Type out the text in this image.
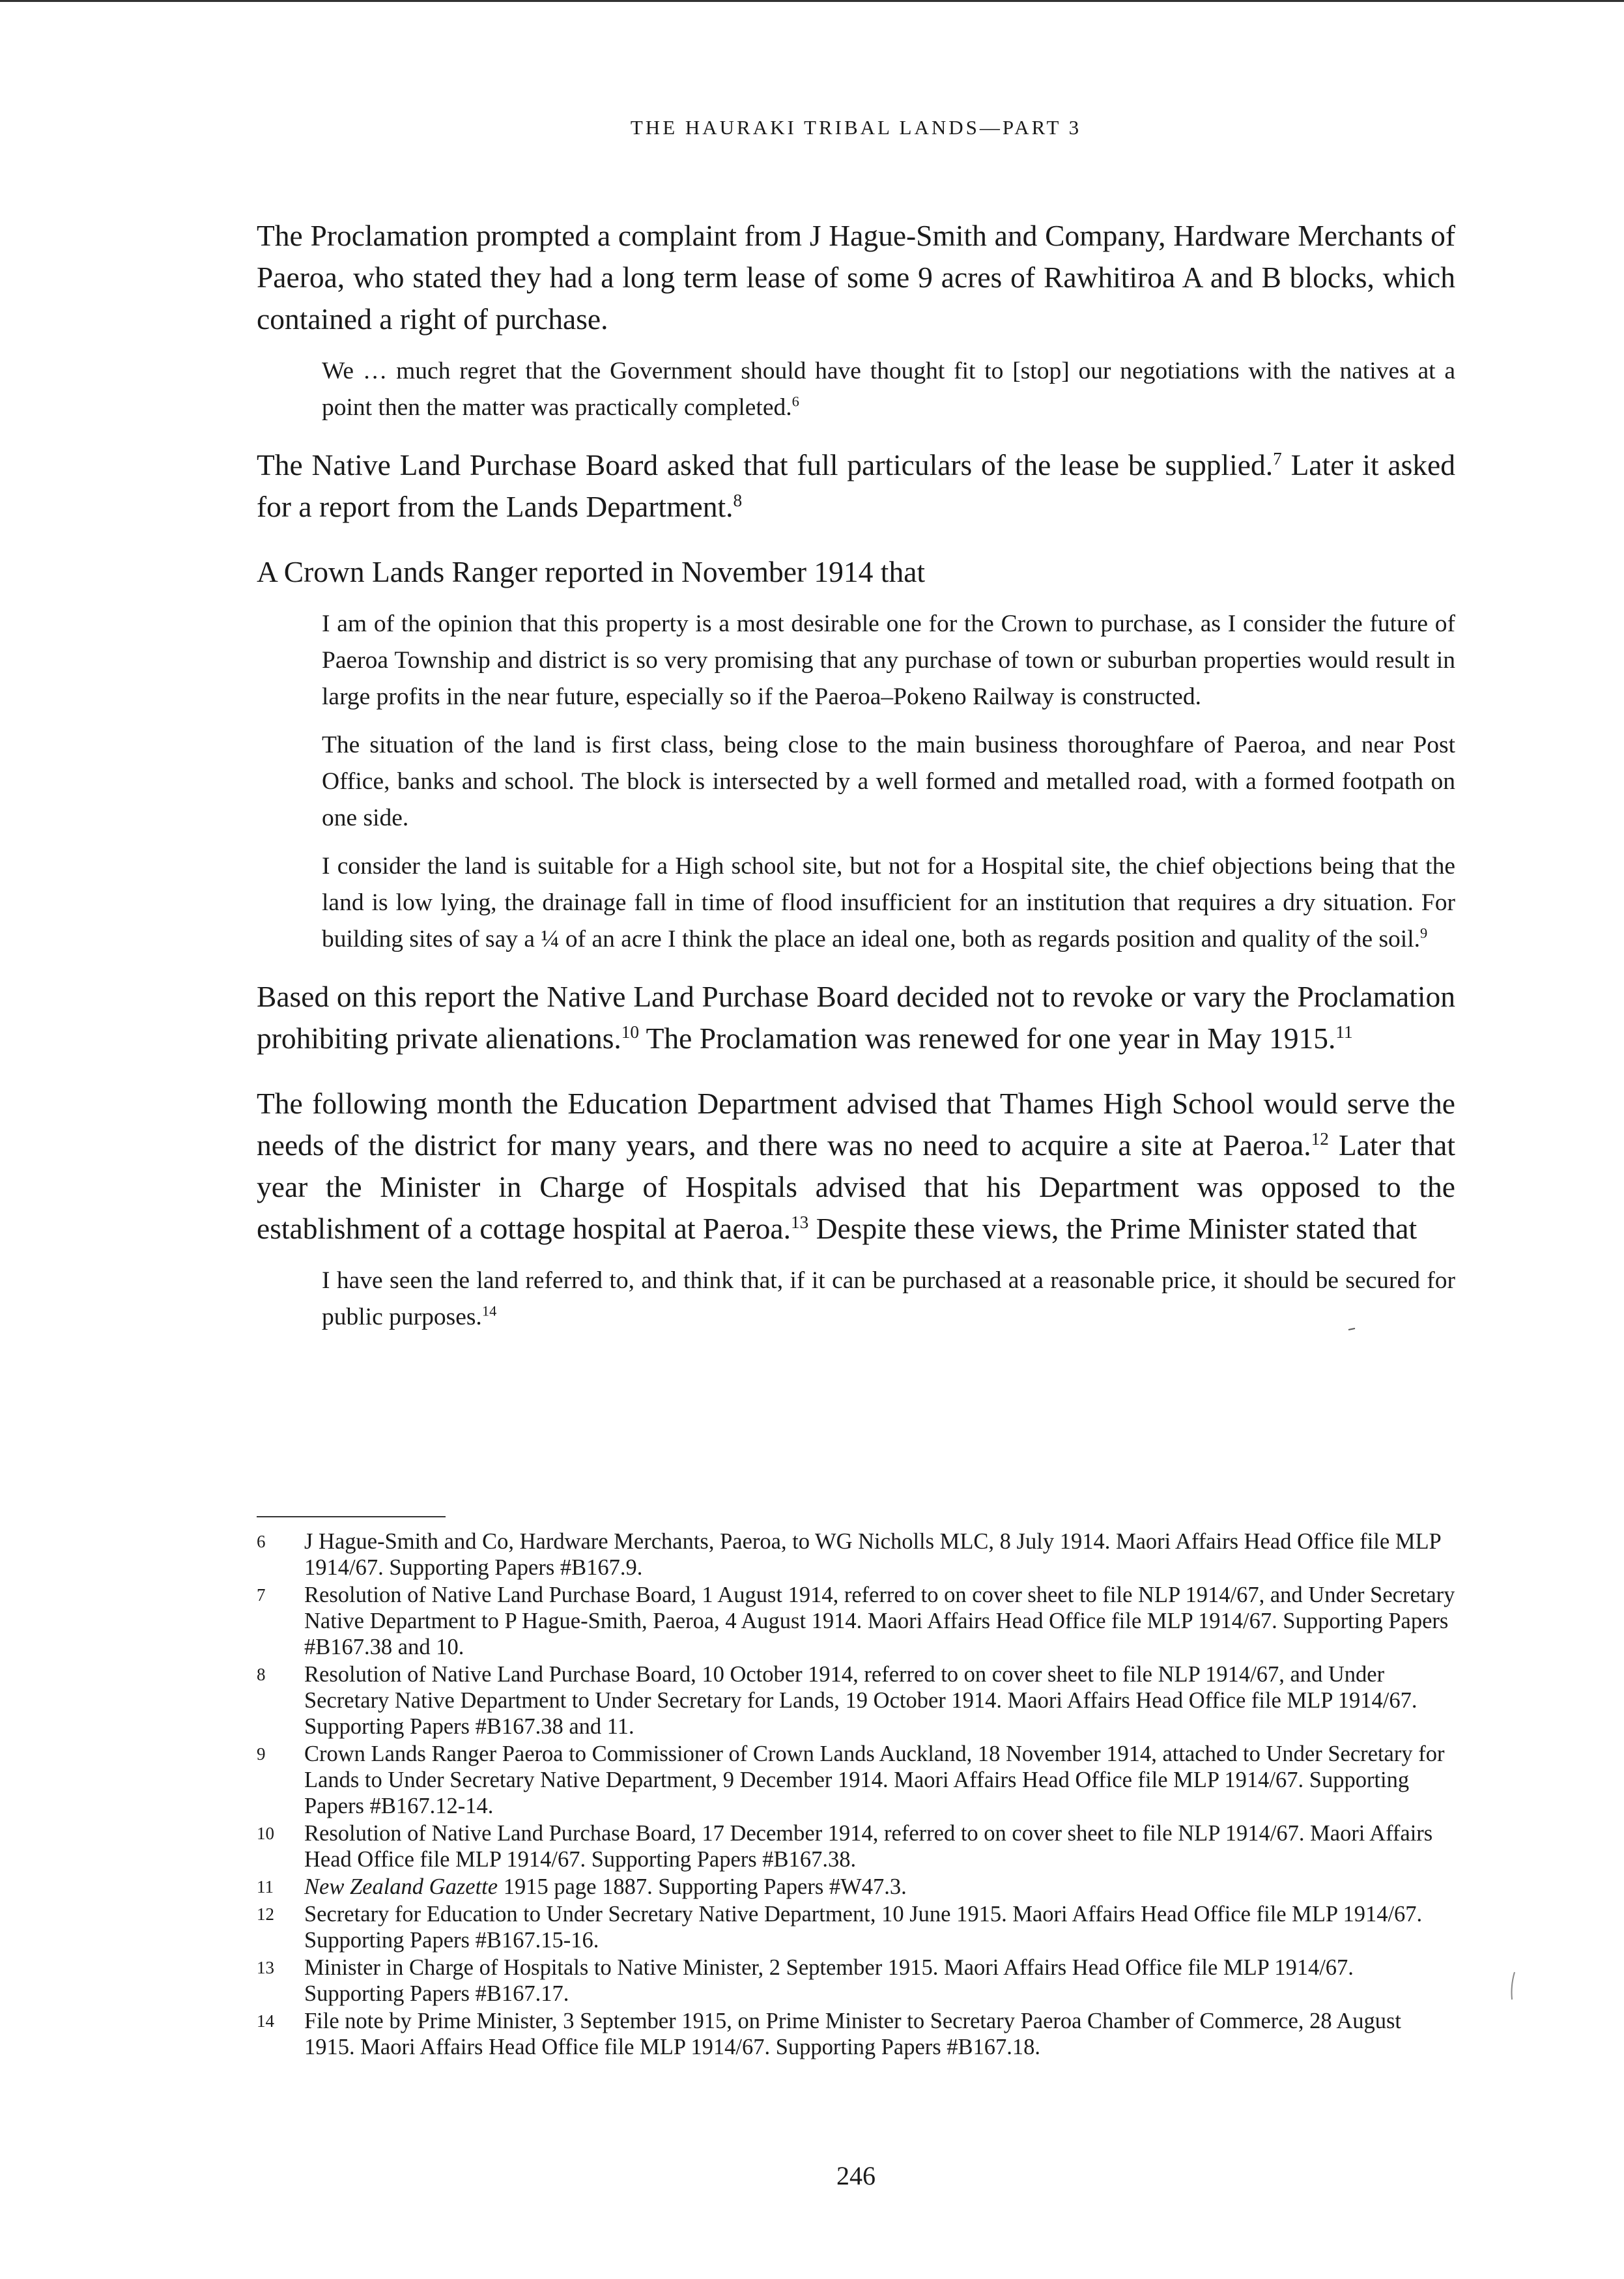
THE HAURAKI TRIBAL LANDS—PART 3

The Proclamation prompted a complaint from J Hague-Smith and Company, Hardware Merchants of Paeroa, who stated they had a long term lease of some 9 acres of Rawhitiroa A and B blocks, which contained a right of purchase.

We … much regret that the Government should have thought fit to [stop] our negotiations with the natives at a point then the matter was practically completed.$^6$

The Native Land Purchase Board asked that full particulars of the lease be supplied.$^7$ Later it asked for a report from the Lands Department.$^8$

A Crown Lands Ranger reported in November 1914 that

I am of the opinion that this property is a most desirable one for the Crown to purchase, as I consider the future of Paeroa Township and district is so very promising that any purchase of town or suburban properties would result in large profits in the near future, especially so if the Paeroa–Pokeno Railway is constructed.

The situation of the land is first class, being close to the main business thoroughfare of Paeroa, and near Post Office, banks and school. The block is intersected by a well formed and metalled road, with a formed footpath on one side.

I consider the land is suitable for a High school site, but not for a Hospital site, the chief objections being that the land is low lying, the drainage fall in time of flood insufficient for an institution that requires a dry situation. For building sites of say a ¼ of an acre I think the place an ideal one, both as regards position and quality of the soil.$^9$

Based on this report the Native Land Purchase Board decided not to revoke or vary the Proclamation prohibiting private alienations.$^{10}$ The Proclamation was renewed for one year in May 1915.11

The following month the Education Department advised that Thames High School would serve the needs of the district for many years, and there was no need to acquire a site at Paeroa.$^{12}$ Later that year the Minister in Charge of Hospitals advised that his Department was opposed to the establishment of a cottage hospital at Paeroa.$^{13}$ Despite these views, the Prime Minister stated that

I have seen the land referred to, and think that, if it can be purchased at a reasonable price, it should be secured for public purposes.$^{14}$

6	J Hague-Smith and Co, Hardware Merchants, Paeroa, to WG Nicholls MLC, 8 July 1914. Maori Affairs Head Office file MLP 1914/67. Supporting Papers #B167.9.
7	Resolution of Native Land Purchase Board, 1 August 1914, referred to on cover sheet to file NLP 1914/67, and Under Secretary Native Department to P Hague-Smith, Paeroa, 4 August 1914. Maori Affairs Head Office file MLP 1914/67. Supporting Papers #B167.38 and 10.
8	Resolution of Native Land Purchase Board, 10 October 1914, referred to on cover sheet to file NLP 1914/67, and Under Secretary Native Department to Under Secretary for Lands, 19 October 1914. Maori Affairs Head Office file MLP 1914/67. Supporting Papers #B167.38 and 11.
9	Crown Lands Ranger Paeroa to Commissioner of Crown Lands Auckland, 18 November 1914, attached to Under Secretary for Lands to Under Secretary Native Department, 9 December 1914. Maori Affairs Head Office file MLP 1914/67. Supporting Papers #B167.12-14.
10	Resolution of Native Land Purchase Board, 17 December 1914, referred to on cover sheet to file NLP 1914/67. Maori Affairs Head Office file MLP 1914/67. Supporting Papers #B167.38.
11	New Zealand Gazette 1915 page 1887. Supporting Papers #W47.3.
12	Secretary for Education to Under Secretary Native Department, 10 June 1915. Maori Affairs Head Office file MLP 1914/67. Supporting Papers #B167.15-16.
13	Minister in Charge of Hospitals to Native Minister, 2 September 1915. Maori Affairs Head Office file MLP 1914/67. Supporting Papers #B167.17.
14	File note by Prime Minister, 3 September 1915, on Prime Minister to Secretary Paeroa Chamber of Commerce, 28 August 1915. Maori Affairs Head Office file MLP 1914/67. Supporting Papers #B167.18.
246
